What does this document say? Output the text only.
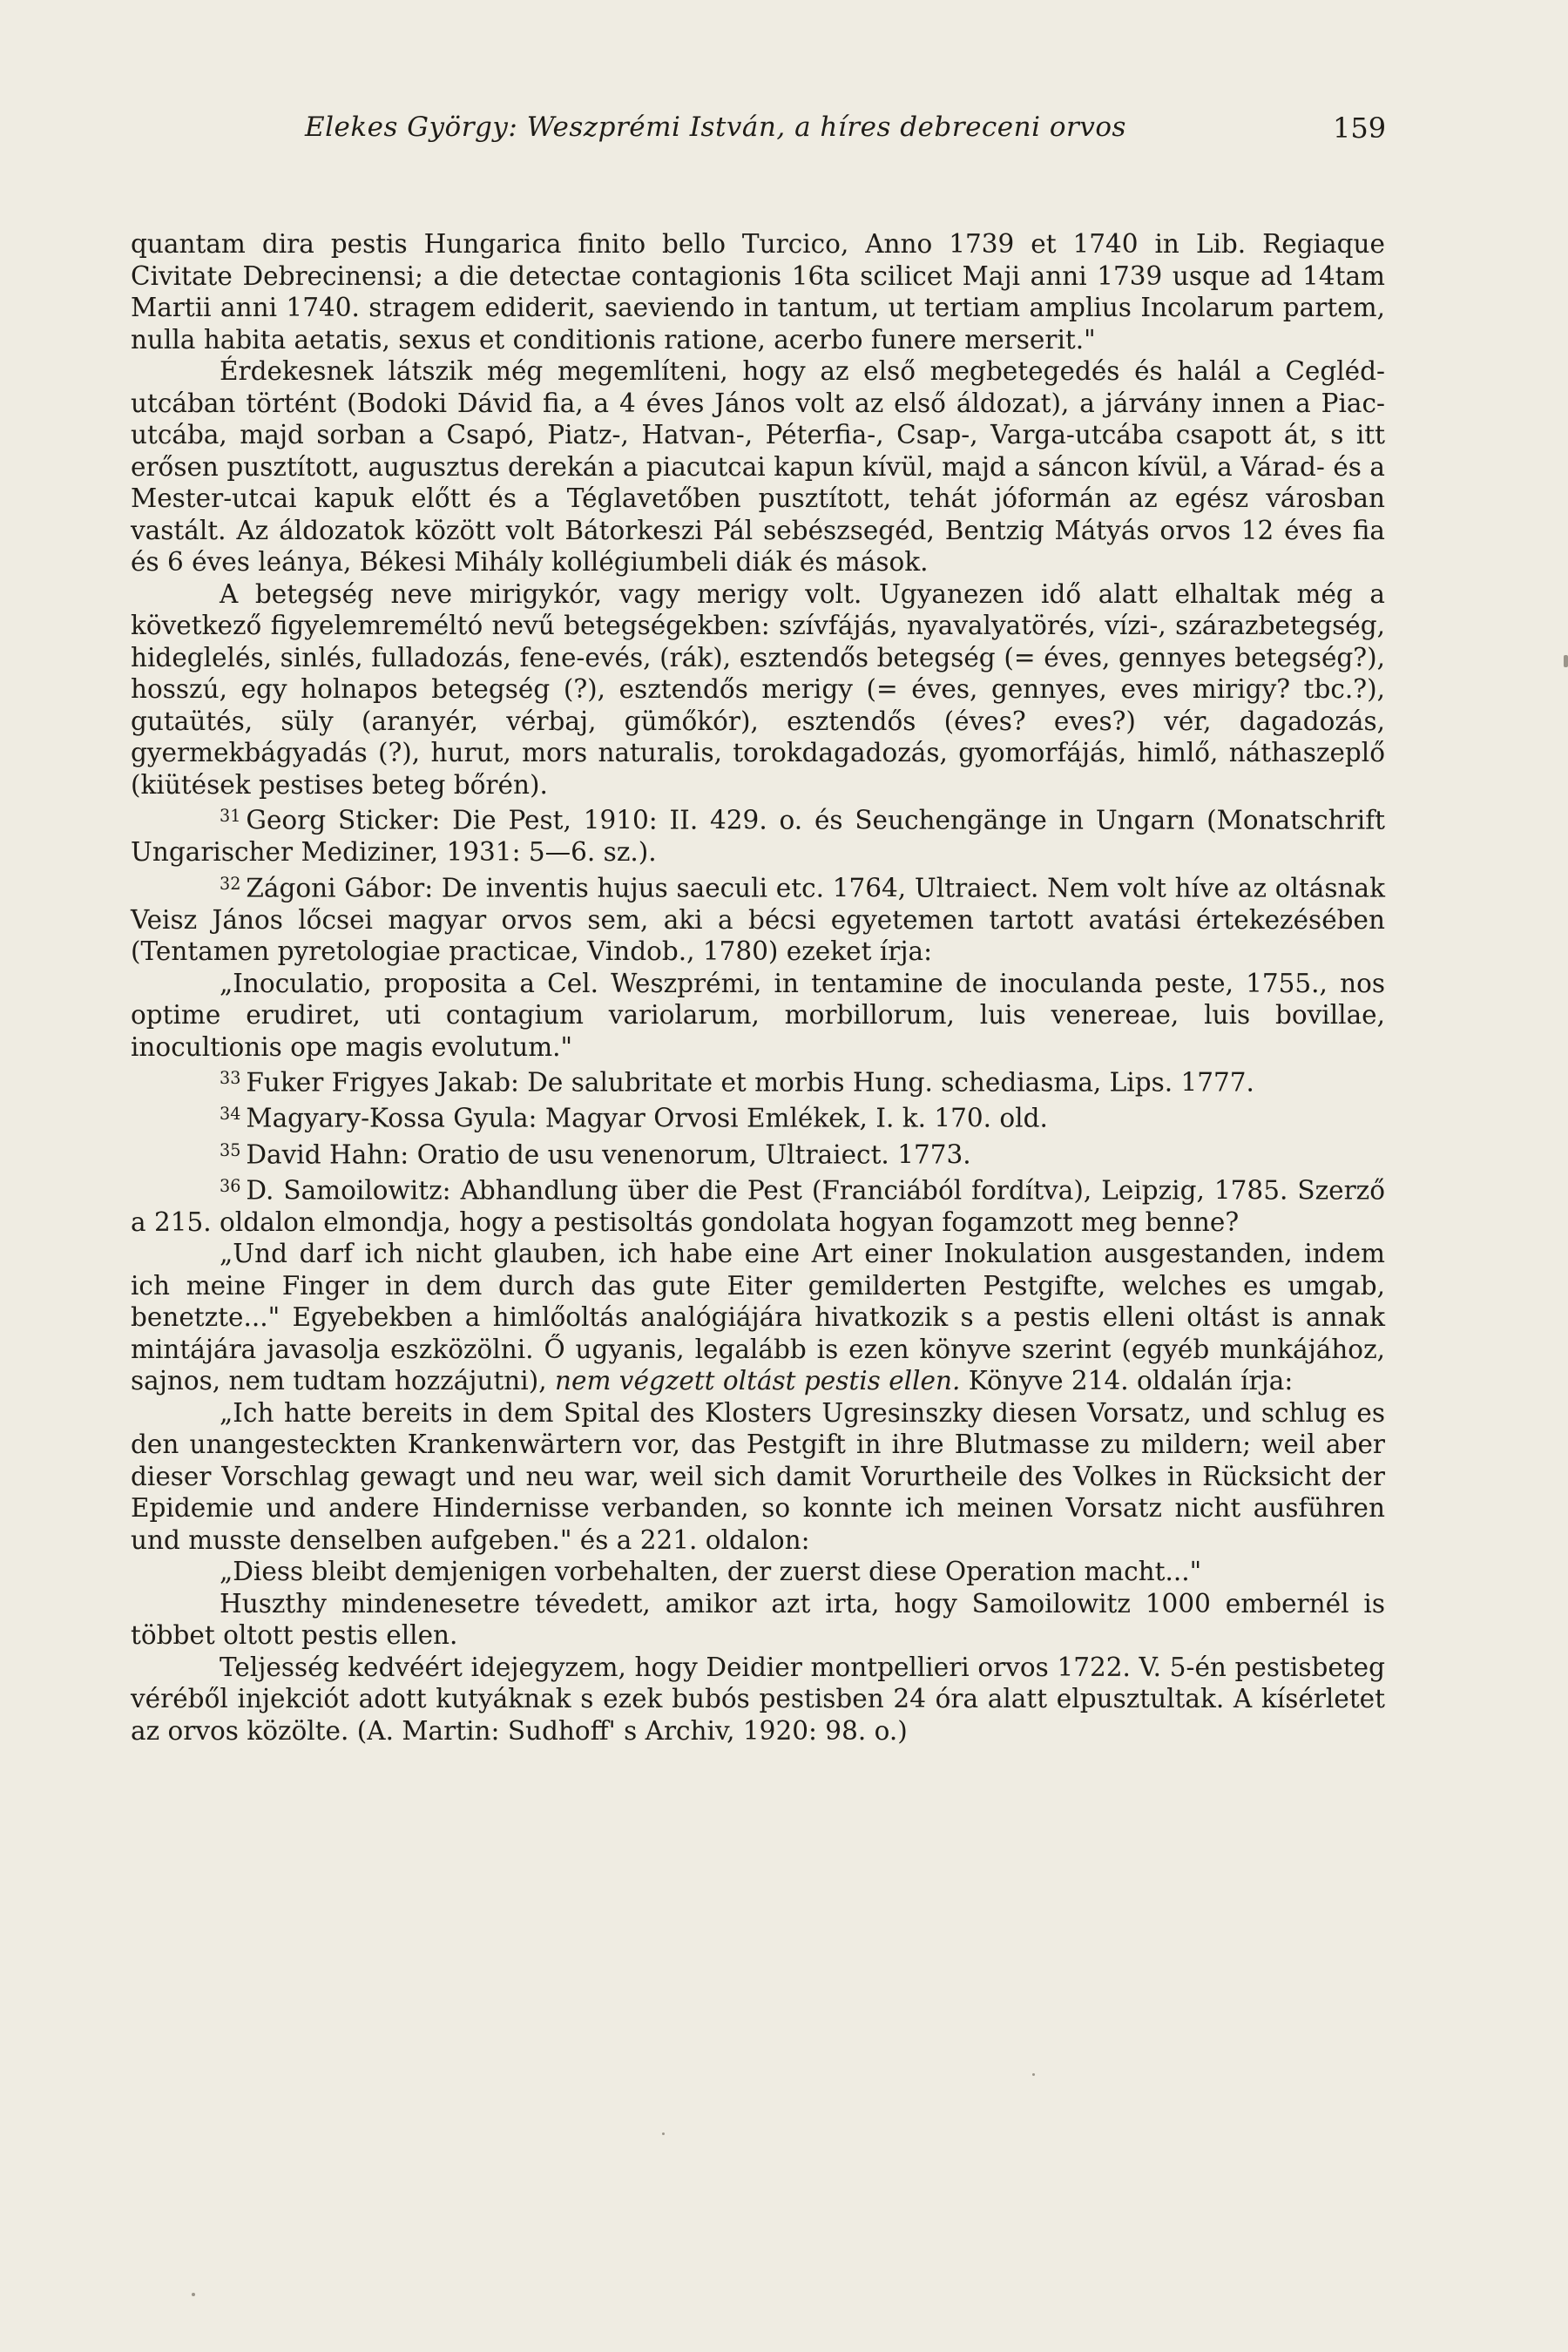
Elekes György: Weszprémi István, a híres debreceni orvos	159

quantam dira pestis Hungarica finito bello Turcico, Anno 1739 et 1740 in Lib. Regiaque Civitate Debrecinensi; a die detectae contagionis 16ta scilicet Maji anni 1739 usque ad 14tam Martii anni 1740. stragem ediderit, saeviendo in tantum, ut tertiam amplius Incolarum partem, nulla habita aetatis, sexus et conditionis ratione, acerbo funere merserit."

Érdekesnek látszik még megemlíteni, hogy az első megbetegedés és halál a Cegléd-utcában történt (Bodoki Dávid fia, a 4 éves János volt az első áldozat), a járvány innen a Piac-utcába, majd sorban a Csapó, Piatz-, Hatvan-, Péterfia-, Csap-, Varga-utcába csapott át, s itt erősen pusztított, augusztus derekán a piacutcai kapun kívül, majd a sáncon kívül, a Várad- és a Mester-utcai kapuk előtt és a Téglavetőben pusztított, tehát jóformán az egész városban vastált. Az áldozatok között volt Bátorkeszi Pál sebészsegéd, Bentzig Mátyás orvos 12 éves fia és 6 éves leánya, Békesi Mihály kollégiumbeli diák és mások.

A betegség neve mirigykór, vagy merigy volt. Ugyanezen idő alatt elhaltak még a következő figyelemreméltó nevű betegségekben: szívfájás, nyavalyatörés, vízi-, szárazbetegség, hideglelés, sinlés, fulladozás, fene-evés, (rák), esztendős betegség (= éves, gennyes betegség?), hosszú, egy holnapos betegség (?), esztendős merigy (= éves, gennyes, eves mirigy? tbc.?), gutaütés, süly (aranyér, vérbaj, gümőkór), esztendős (éves? eves?) vér, dagadozás, gyermekbágyadás (?), hurut, mors naturalis, torokdagadozás, gyomorfájás, himlő, náthaszeplő (kiütések pestises beteg bőrén).

$^{31}$ Georg Sticker: Die Pest, 1910: II. 429. o. és Seuchengänge in Ungarn (Monatschrift Ungarischer Mediziner, 1931: 5—6. sz.).

$^{32}$ Zágoni Gábor: De inventis hujus saeculi etc. 1764, Ultraiect. Nem volt híve az oltásnak Veisz János lőcsei magyar orvos sem, aki a bécsi egyetemen tartott avatási értekezésében (Tentamen pyretologiae practicae, Vindob., 1780) ezeket írja:

„Inoculatio, proposita a Cel. Weszprémi, in tentamine de inoculanda peste, 1755., nos optime erudiret, uti contagium variolarum, morbillorum, luis venereae, luis bovillae, inocultionis ope magis evolutum."

$^{33}$ Fuker Frigyes Jakab: De salubritate et morbis Hung. schediasma, Lips. 1777.

$^{34}$ Magyary-Kossa Gyula: Magyar Orvosi Emlékek, I. k. 170. old.

$^{35}$ David Hahn: Oratio de usu venenorum, Ultraiect. 1773.

$^{36}$ D. Samoilowitz: Abhandlung über die Pest (Franciából fordítva), Leipzig, 1785. Szerző a 215. oldalon elmondja, hogy a pestisoltás gondolata hogyan fogamzott meg benne?

„Und darf ich nicht glauben, ich habe eine Art einer Inokulation ausgestanden, indem ich meine Finger in dem durch das gute Eiter gemilderten Pestgifte, welches es umgab, benetzte..." Egyebekben a himlőoltás analógiájára hivatkozik s a pestis elleni oltást is annak mintájára javasolja eszközölni. Ő ugyanis, legalább is ezen könyve szerint (egyéb munkájához, sajnos, nem tudtam hozzájutni), nem végzett oltást pestis ellen. Könyve 214. oldalán írja:

„Ich hatte bereits in dem Spital des Klosters Ugresinszky diesen Vorsatz, und schlug es den unangesteckten Krankenwärtern vor, das Pestgift in ihre Blutmasse zu mildern; weil aber dieser Vorschlag gewagt und neu war, weil sich damit Vorurtheile des Volkes in Rücksicht der Epidemie und andere Hindernisse verbanden, so konnte ich meinen Vorsatz nicht ausführen und musste denselben aufgeben." és a 221. oldalon:

„Diess bleibt demjenigen vorbehalten, der zuerst diese Operation macht..."

Huszthy mindenesetre tévedett, amikor azt irta, hogy Samoilowitz 1000 embernél is többet oltott pestis ellen.

Teljesség kedvéért idejegyzem, hogy Deidier montpellieri orvos 1722. V. 5-én pestisbeteg véréből injekciót adott kutyáknak s ezek bubós pestisben 24 óra alatt elpusztultak. A kísérletet az orvos közölte. (A. Martin: Sudhoff' s Archiv, 1920: 98. o.)
